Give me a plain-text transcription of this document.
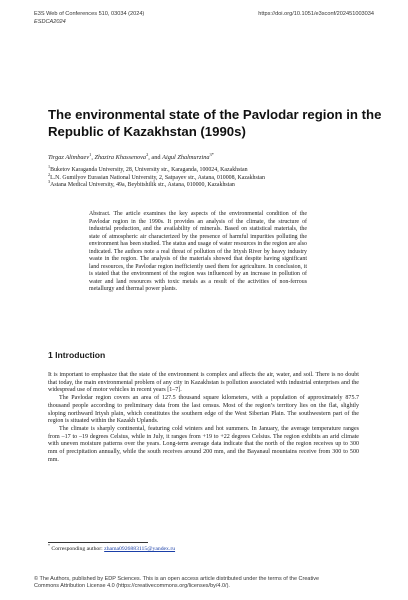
E3S Web of Conferences 510, 03034 (2024)	https://doi.org/10.1051/e3sconf/202451003034
ESDCA2024
The environmental state of the Pavlodar region in the Republic of Kazakhstan (1990s)
Tirgaz Alimbaev$^1$, Zhazira Khassenova$^2$, and Aigul Zhalmurzina$^{3*}$
$^1$Buketov Karaganda University, 28, University str., Karaganda, 100024, Kazakhstan
$^2$L.N. Gumilyov Eurasian National University, 2, Satpayev str., Astana, 010008, Kazakhstan
$^3$Astana Medical University, 49a, Beybitshilik str., Astana, 010000, Kazakhstan
Abstract. The article examines the key aspects of the environmental condition of the Pavlodar region in the 1990s. It provides an analysis of the climate, the structure of industrial production, and the availability of minerals. Based on statistical materials, the state of atmospheric air characterized by the presence of harmful impurities polluting the environment has been studied. The status and usage of water resources in the region are also indicated. The authors note a real threat of pollution of the Irtysh River by heavy industry waste in the region. The analysis of the materials showed that despite having significant land resources, the Pavlodar region inefficiently used them for agriculture. In conclusion, it is stated that the environment of the region was influenced by an increase in pollution of water and land resources with toxic metals as a result of the activities of non-ferrous metallurgy and thermal power plants.
1 Introduction

It is important to emphasize that the state of the environment is complex and affects the air, water, and soil. There is no doubt that today, the main environmental problem of any city in Kazakhstan is pollution associated with industrial enterprises and the widespread use of motor vehicles in recent years [1–7].

The Pavlodar region covers an area of 127.5 thousand square kilometers, with a population of approximately 875.7 thousand people according to preliminary data from the last census. Most of the region’s territory lies on the flat, slightly sloping northward Irtysh plain, which constitutes the southern edge of the West Siberian Plain. The southwestern part of the region is situated within the Kazakh Uplands.

The climate is sharply continental, featuring cold winters and hot summers. In January, the average temperature ranges from –17 to –19 degrees Celsius, while in July, it ranges from +19 to +22 degrees Celsius. The region exhibits an arid climate with uneven moisture patterns over the years. Long-term average data indicate that the north of the region receives up to 300 mm of precipitation annually, while the south receives around 200 mm, and the Bayanaul mountains receive from 300 to 500 mm.

* Corresponding author: zhama0926883115@yandex.ru
© The Authors, published by EDP Sciences. This is an open access article distributed under the terms of the Creative
Commons Attribution License 4.0 (https://creativecommons.org/licenses/by/4.0/).
